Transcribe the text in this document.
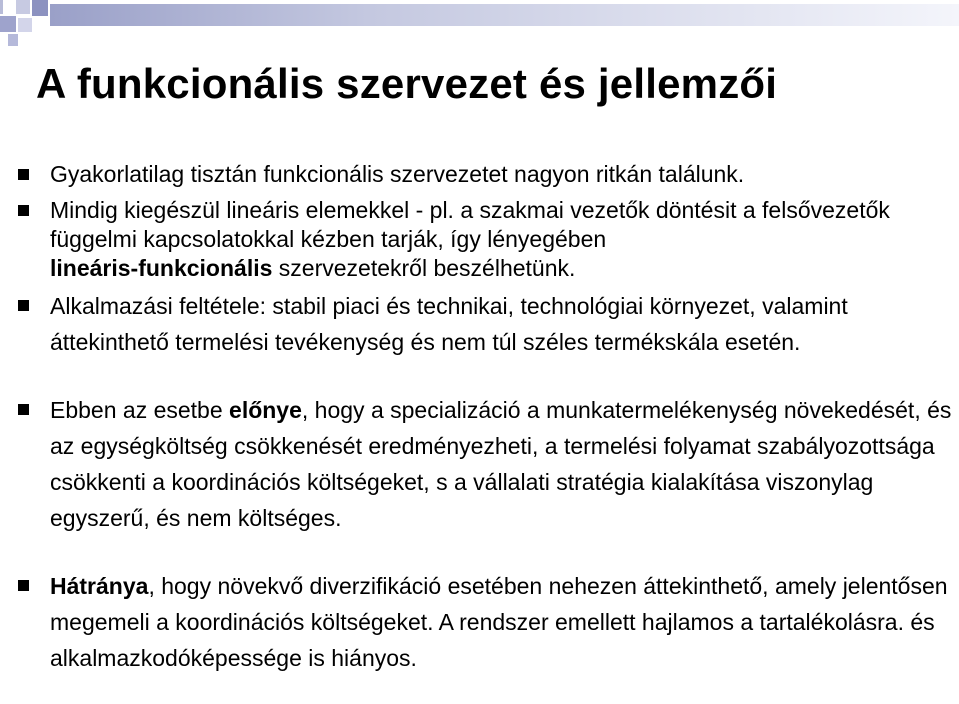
A funkcionális szervezet és jellemzői
Gyakorlatilag tisztán funkcionális szervezetet nagyon ritkán találunk.
Mindig kiegészül lineáris elemekkel - pl. a szakmai vezetők döntésit a felsővezetők függelmi kapcsolatokkal kézben tarják, így lényegében
lineáris-funkcionális szervezetekről beszélhetünk.
Alkalmazási feltétele: stabil piaci és technikai, technológiai környezet, valamint áttekinthető termelési tevékenység és nem túl széles termékskála esetén.
Ebben az esetbe előnye, hogy a specializáció a munkatermelékenység növekedését, és az egységköltség csökkenését eredményezheti, a termelési folyamat szabályozottsága csökkenti a koordinációs költségeket, s a vállalati stratégia kialakítása viszonylag egyszerű, és nem költséges.
Hátránya, hogy növekvő diverzifikáció esetében nehezen áttekinthető, amely jelentősen megemeli a koordinációs költségeket. A rendszer emellett hajlamos a tartalékolásra. és alkalmazkodóképessége is hiányos.
